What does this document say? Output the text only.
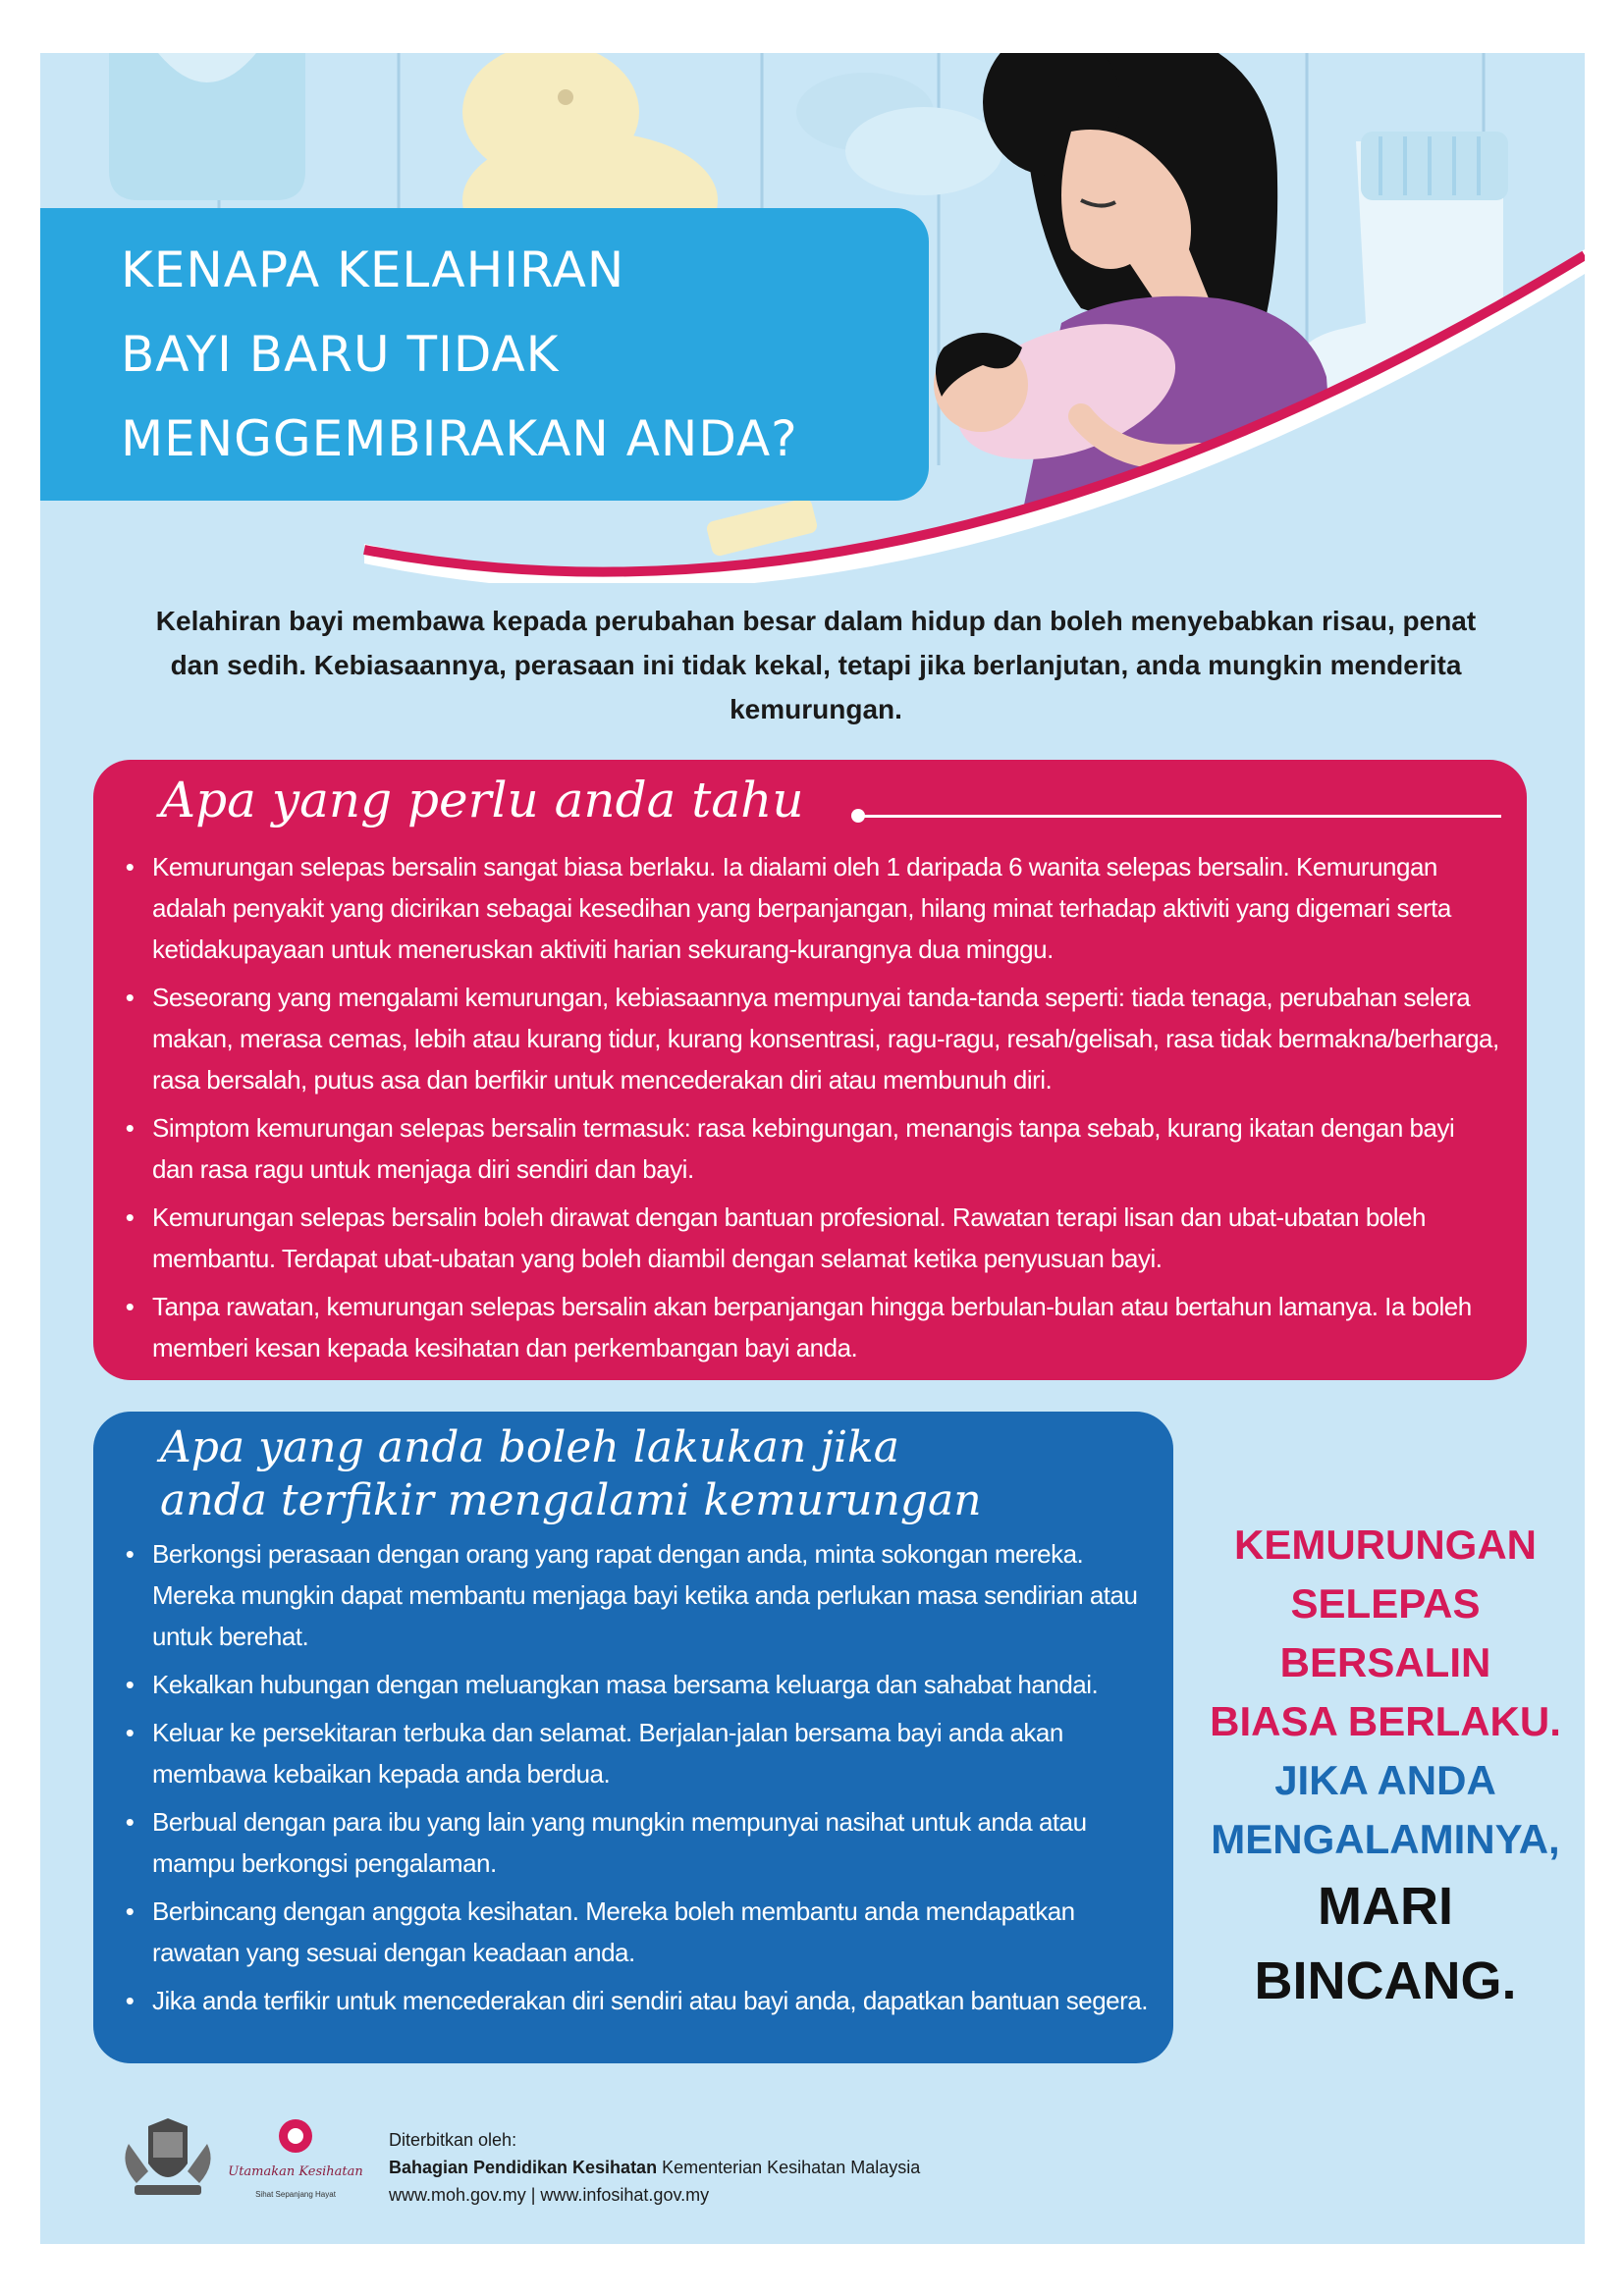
KENAPA KELAHIRAN
BAYI BARU TIDAK
MENGGEMBIRAKAN ANDA?

Kelahiran bayi membawa kepada perubahan besar dalam hidup dan boleh menyebabkan risau, penat dan sedih. Kebiasaannya, perasaan ini tidak kekal, tetapi jika berlanjutan, anda mungkin menderita kemurungan.

Apa yang perlu anda tahu
• Kemurungan selepas bersalin sangat biasa berlaku. Ia dialami oleh 1 daripada 6 wanita selepas bersalin. Kemurungan adalah penyakit yang dicirikan sebagai kesedihan yang berpanjangan, hilang minat terhadap aktiviti yang digemari serta ketidakupayaan untuk meneruskan aktiviti harian sekurang-kurangnya dua minggu.
• Seseorang yang mengalami kemurungan, kebiasaannya mempunyai tanda-tanda seperti: tiada tenaga, perubahan selera makan, merasa cemas, lebih atau kurang tidur, kurang konsentrasi, ragu-ragu, resah/gelisah, rasa tidak bermakna/berharga, rasa bersalah, putus asa dan berfikir untuk mencederakan diri atau membunuh diri.
• Simptom kemurungan selepas bersalin termasuk: rasa kebingungan, menangis tanpa sebab, kurang ikatan dengan bayi dan rasa ragu untuk menjaga diri sendiri dan bayi.
• Kemurungan selepas bersalin boleh dirawat dengan bantuan profesional. Rawatan terapi lisan dan ubat-ubatan boleh membantu. Terdapat ubat-ubatan yang boleh diambil dengan selamat ketika penyusuan bayi.
• Tanpa rawatan, kemurungan selepas bersalin akan berpanjangan hingga berbulan-bulan atau bertahun lamanya. Ia boleh memberi kesan kepada kesihatan dan perkembangan bayi anda.
Apa yang anda boleh lakukan jika
anda terfikir mengalami kemurungan
• Berkongsi perasaan dengan orang yang rapat dengan anda, minta sokongan mereka. Mereka mungkin dapat membantu menjaga bayi ketika anda perlukan masa sendirian atau untuk berehat.
• Kekalkan hubungan dengan meluangkan masa bersama keluarga dan sahabat handai.
• Keluar ke persekitaran terbuka dan selamat. Berjalan-jalan bersama bayi anda akan membawa kebaikan kepada anda berdua.
• Berbual dengan para ibu yang lain yang mungkin mempunyai nasihat untuk anda atau mampu berkongsi pengalaman.
• Berbincang dengan anggota kesihatan. Mereka boleh membantu anda mendapatkan rawatan yang sesuai dengan keadaan anda.
• Jika anda terfikir untuk mencederakan diri sendiri atau bayi anda, dapatkan bantuan segera.

KEMURUNGAN
SELEPAS
BERSALIN
BIASA BERLAKU.
JIKA ANDA
MENGALAMINYA,
MARI
BINCANG.

Utamakan Kesihatan
Sihat Sepanjang Hayat
Diterbitkan oleh:
Bahagian Pendidikan Kesihatan Kementerian Kesihatan Malaysia
www.moh.gov.my | www.infosihat.gov.my
